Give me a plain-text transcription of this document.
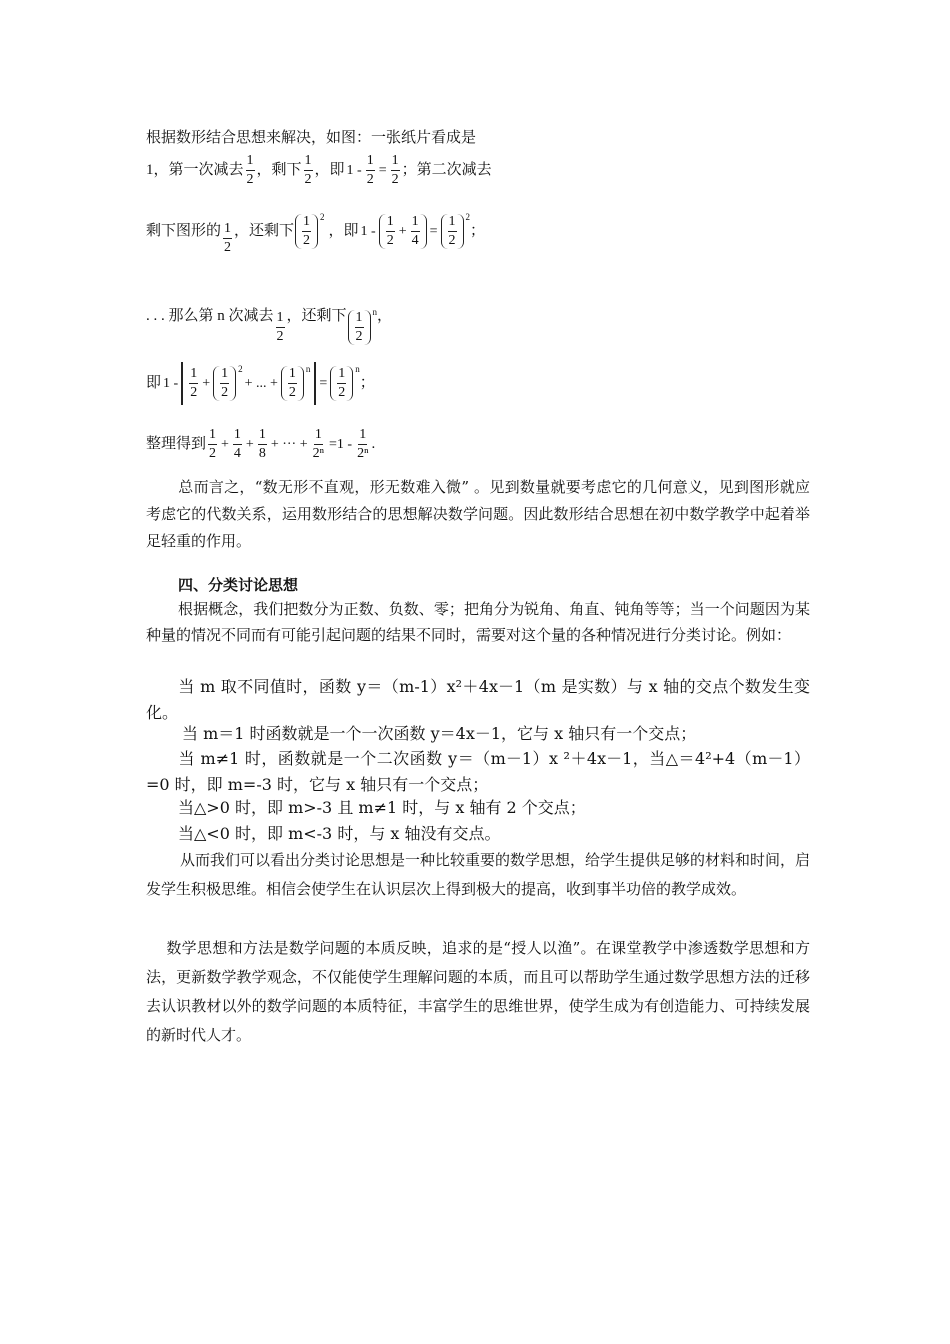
根据数形结合思想来解决，如图：一张纸片看成是
1，第一次减去 $\frac{1}{2}$ ，剩下 $\frac{1}{2}$ ，即 $1 - \frac{1}{2} = \frac{1}{2}$ ；第二次减去
剩下图形的 $\frac{1}{2}$ ，还剩下 $\frac{1}{2} ^2$
，即 $1 - \frac{1}{2} + \frac{1}{4} = \frac{1}{2} ^2$
；
. . . 那么第 n 次减去 $\frac{1}{2}$ ，还剩下 $\frac{1}{2} ^n$ ，
即 $1 - \frac{1}{2} + \frac{1}{2} ^2$
+ ... + $\frac{1}{2} ^n$
= $\frac{1}{2} ^n$
；
整理得到 $\frac{1}{2} + \frac{1}{4} + \frac{1}{8}$ + ··· + $\frac{1}{\text{2ⁿ}} =1 - \frac{1}{\text{2ⁿ}}$ .
总而言之，“数无形不直观，形无数难入微” 。见到数量就要考虑它的几何意义，见到图形就应考虑它的代数关系，运用数形结合的思想解决数学问题。因此数形结合思想在初中数学教学中起着举足轻重的作用。
四、分类讨论思想
根据概念，我们把数分为正数、负数、零；把角分为锐角、角直、钝角等等；当一个问题因为某种量的情况不同而有可能引起问题的结果不同时，需要对这个量的各种情况进行分类讨论。例如：
当 m 取不同值时，函数 y＝（m-1）x²＋4x－1（m 是实数）与 x 轴的交点个数发生变化。
当 m＝1 时函数就是一个一次函数 y＝4x－1，它与 x 轴只有一个交点；
当 m≠1 时，函数就是一个二次函数 y＝（m－1）x ²＋4x－1，当△＝4²+4（m－1）=0 时，即 m=-3 时，它与 x 轴只有一个交点；
当△>0 时，即 m>-3 且 m≠1 时，与 x 轴有 2 个交点；
当△<0 时，即 m<-3 时，与 x 轴没有交点。
从而我们可以看出分类讨论思想是一种比较重要的数学思想，给学生提供足够的材料和时间，启发学生积极思维。相信会使学生在认识层次上得到极大的提高，收到事半功倍的教学成效。
数学思想和方法是数学问题的本质反映，追求的是“授人以渔”。在课堂教学中渗透数学思想和方法，更新数学教学观念，不仅能使学生理解问题的本质，而且可以帮助学生通过数学思想方法的迁移去认识教材以外的数学问题的本质特征，丰富学生的思维世界，使学生成为有创造能力、可持续发展的新时代人才。
